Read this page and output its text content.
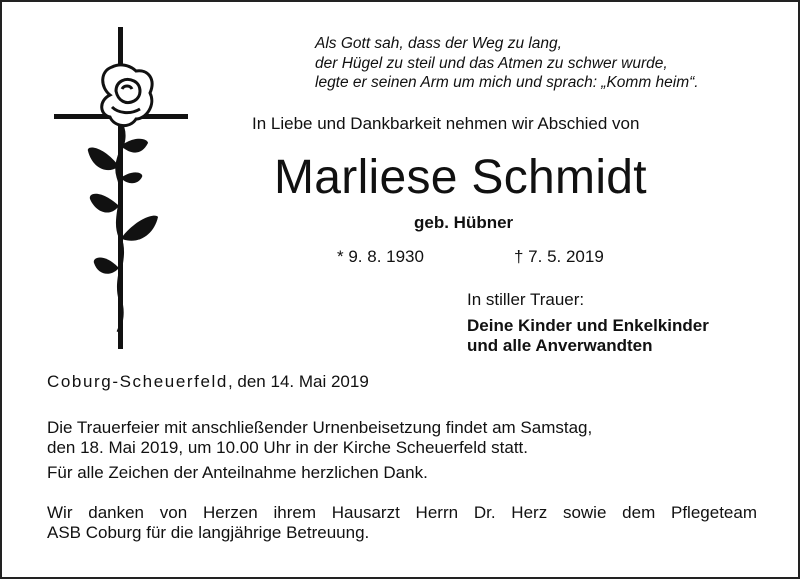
Als Gott sah, dass der Weg zu lang,
der Hügel zu steil und das Atmen zu schwer wurde,
legte er seinen Arm um mich und sprach: „Komm heim“.
In Liebe und Dankbarkeit nehmen wir Abschied von
Marliese Schmidt
geb. Hübner
* 9. 8. 1930	† 7. 5. 2019
In stiller Trauer:
Deine Kinder und Enkelkinder
und alle Anverwandten
Coburg-Scheuerfeld, den 14. Mai 2019
Die Trauerfeier mit anschließender Urnenbeisetzung findet am Samstag,
den 18. Mai 2019, um 10.00 Uhr in der Kirche Scheuerfeld statt.
Für alle Zeichen der Anteilnahme herzlichen Dank.
Wir danken von Herzen ihrem Hausarzt Herrn Dr. Herz sowie dem Pflegeteam
ASB Coburg für die langjährige Betreuung.
